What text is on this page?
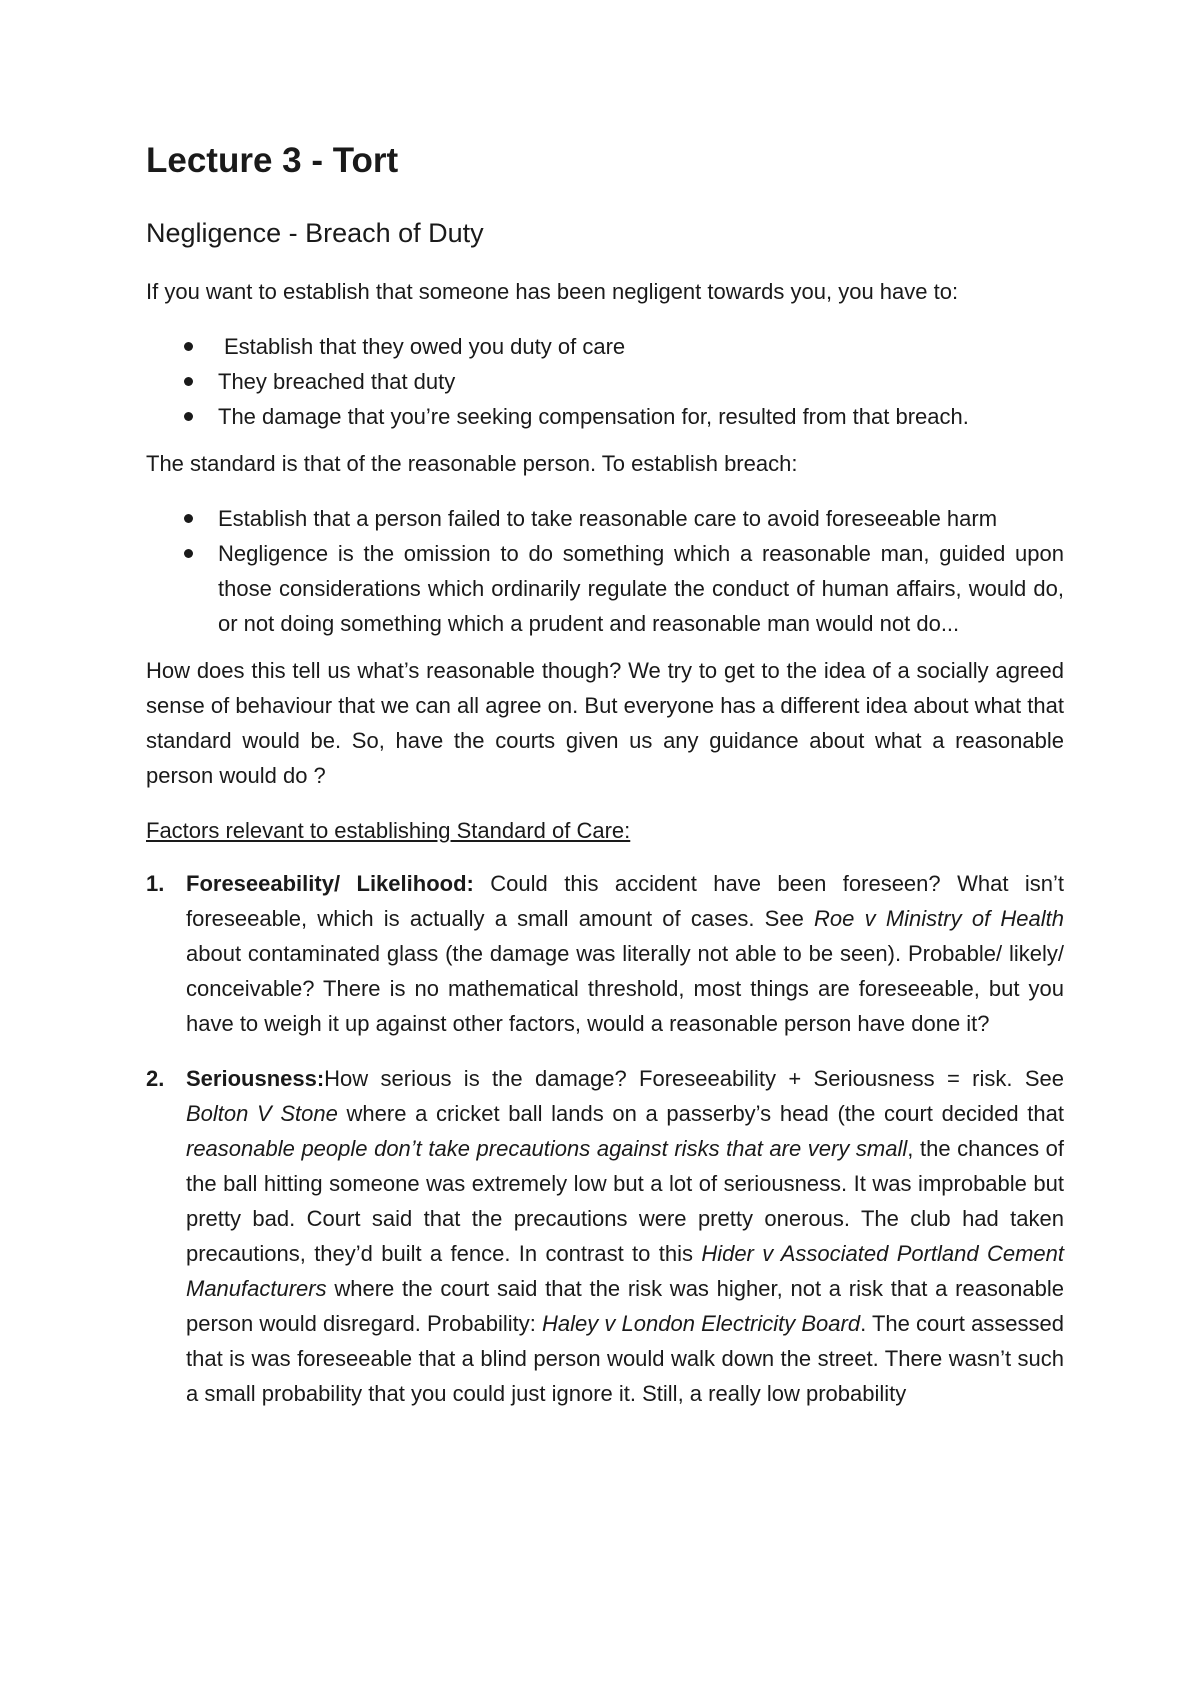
Lecture 3 - Tort
Negligence - Breach of Duty

If you want to establish that someone has been negligent towards you, you have to:

Establish that they owed you duty of care
They breached that duty
The damage that you’re seeking compensation for, resulted from that breach.

The standard is that of the reasonable person. To establish breach:

Establish that a person failed to take reasonable care to avoid foreseeable harm
Negligence is the omission to do something which a reasonable man, guided upon those considerations which ordinarily regulate the conduct of human affairs, would do, or not doing something which a prudent and reasonable man would not do...

How does this tell us what’s reasonable though? We try to get to the idea of a socially agreed sense of behaviour that we can all agree on. But everyone has a different idea about what that standard would be. So, have the courts given us any guidance about what a reasonable person would do ?

Factors relevant to establishing Standard of Care:

1. Foreseeability/ Likelihood: Could this accident have been foreseen? What isn’t foreseeable, which is actually a small amount of cases. See Roe v Ministry of Health about contaminated glass (the damage was literally not able to be seen). Probable/ likely/ conceivable? There is no mathematical threshold, most things are foreseeable, but you have to weigh it up against other factors, would a reasonable person have done it?
2. Seriousness:How serious is the damage? Foreseeability + Seriousness = risk. See Bolton V Stone where a cricket ball lands on a passerby’s head (the court decided that reasonable people don’t take precautions against risks that are very small, the chances of the ball hitting someone was extremely low but a lot of seriousness. It was improbable but pretty bad. Court said that the precautions were pretty onerous. The club had taken precautions, they’d built a fence. In contrast to this Hider v Associated Portland Cement Manufacturers where the court said that the risk was higher, not a risk that a reasonable person would disregard. Probability: Haley v London Electricity Board. The court assessed that is was foreseeable that a blind person would walk down the street. There wasn’t such a small probability that you could just ignore it. Still, a really low probability
